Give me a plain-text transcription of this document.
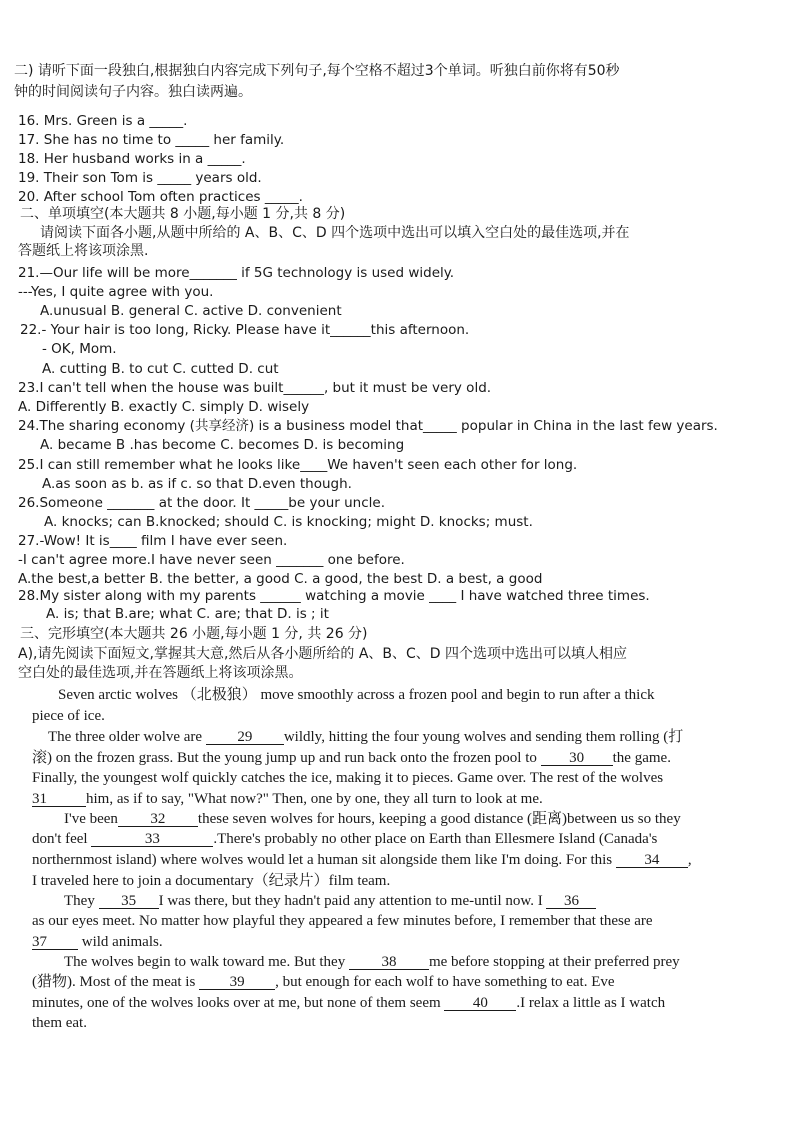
二) 请听下面一段独白,根据独白内容完成下列句子,每个空格不超过3个单词。听独白前你将有50秒
钟的时间阅读句子内容。独白读两遍。
16. Mrs. Green is a _____.
17. She has no time to _____ her family.
18. Her husband works in a _____.
19. Their son Tom is _____ years old.
20. After school Tom often practices _____.
二、单项填空(本大题共 8 小题,每小题 1 分,共 8 分)
请阅读下面各小题,从题中所给的 A、B、C、D 四个选项中选出可以填入空白处的最佳选项,并在
答题纸上将该项涂黑.
21.—Our life will be more_______ if 5G technology is used widely.
---Yes, I quite agree with you.
A.unusual B. general C. active D. convenient
22.- Your hair is too long, Ricky. Please have it______this afternoon.
- OK, Mom.
A. cutting B. to cut C. cutted D. cut
23.I can't tell when the house was built______, but it must be very old.
A. Differently B. exactly C. simply D. wisely
24.The sharing economy (共享经济) is a business model that_____ popular in China in the last few years.
A. became B .has become C. becomes D. is becoming
25.I can still remember what he looks like____We haven't seen each other for long.
A.as soon as b. as if c. so that D.even though.
26.Someone _______ at the door. It _____be your uncle.
A. knocks; can B.knocked; should C. is knocking; might D. knocks; must.
27.-Wow! It is____ film I have ever seen.
-I can't agree more.I have never seen _______ one before.
A.the best,a better B. the better, a good C. a good, the best D. a best, a good
28.My sister along with my parents ______ watching a movie ____ I have watched three times.
A. is; that B.are; what C. are; that D. is ; it
三、完形填空(本大题共 26 小题,每小题 1 分, 共 26 分)
A),请先阅读下面短文,掌握其大意,然后从各小题所给的 A、B、C、D 四个选项中选出可以填人相应
空白处的最佳选项,并在答题纸上将该项涂黑。
Seven arctic wolves （北极狼） move smoothly across a frozen pool and begin to run after a thick
piece of ice.
The three older wolve are 29 wildly, hitting the four young wolves and sending them rolling (打
滚) on the frozen grass. But the young jump up and run back onto the frozen pool to 30 the game.
Finally, the youngest wolf quickly catches the ice, making it to pieces. Game over. The rest of the wolves
31	him, as if to say, "What now?" Then, one by one, they all turn to look at me.
I've been 32 these seven wolves for hours, keeping a good distance (距离)between us so they
don't feel	33	.There's probably no other place on Earth than Ellesmere Island (Canada's
northernmost island) where wolves would let a human sit alongside them like I'm doing. For this 34 ,
I traveled here to join a documentary（纪录片）film team.
They 35 I was there, but they hadn't paid any attention to me-until now. I 36
as our eyes meet. No matter how playful they appeared a few minutes before, I remember that these are
37 wild animals.
The wolves begin to walk toward me. But they 38 me before stopping at their preferred prey
(猎物). Most of the meat is 39 , but enough for each wolf to have something to eat. Eve
minutes, one of the wolves looks over at me, but none of them seem 40 .I relax a little as I watch
them eat.
